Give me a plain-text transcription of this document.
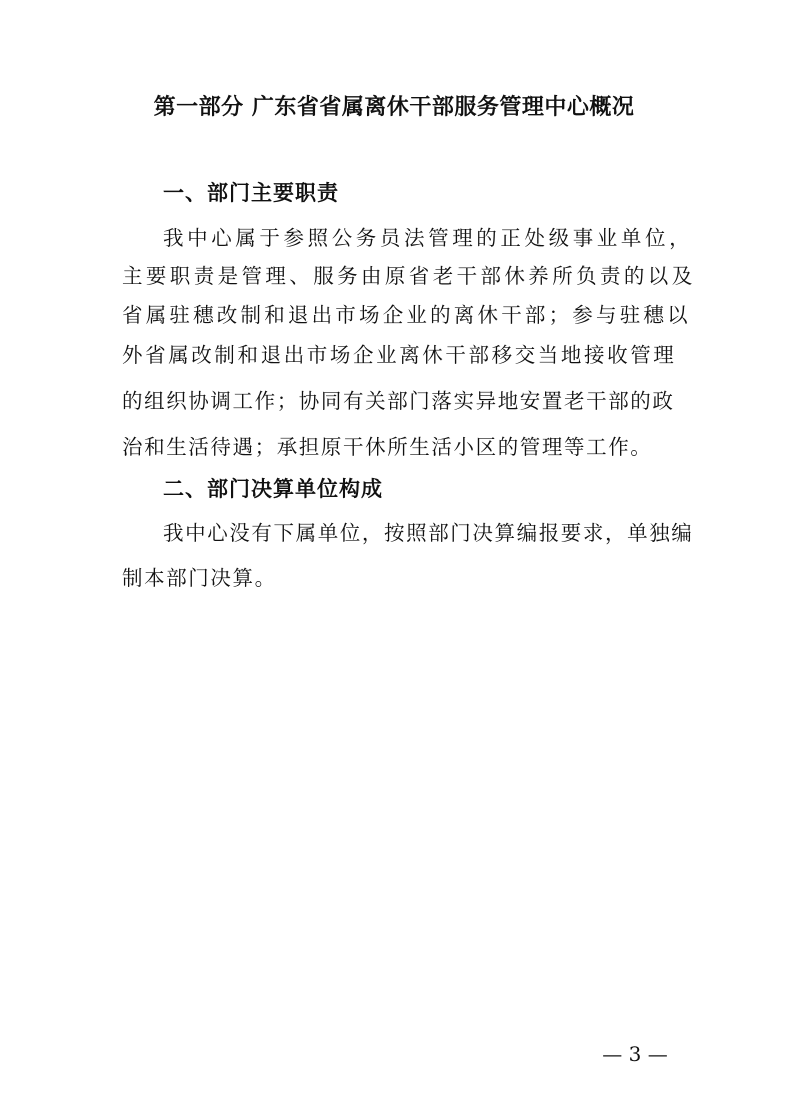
第一部分 广东省省属离休干部服务管理中心概况
一、部门主要职责

我中心属于参照公务员法管理的正处级事业单位，

主要职责是管理、服务由原省老干部休养所负责的以及

省属驻穗改制和退出市场企业的离休干部；参与驻穗以

外省属改制和退出市场企业离休干部移交当地接收管理

的组织协调工作；协同有关部门落实异地安置老干部的政

治和生活待遇；承担原干休所生活小区的管理等工作。

二、部门决算单位构成

我中心没有下属单位，按照部门决算编报要求，单独编

制本部门决算。

— 3 —
